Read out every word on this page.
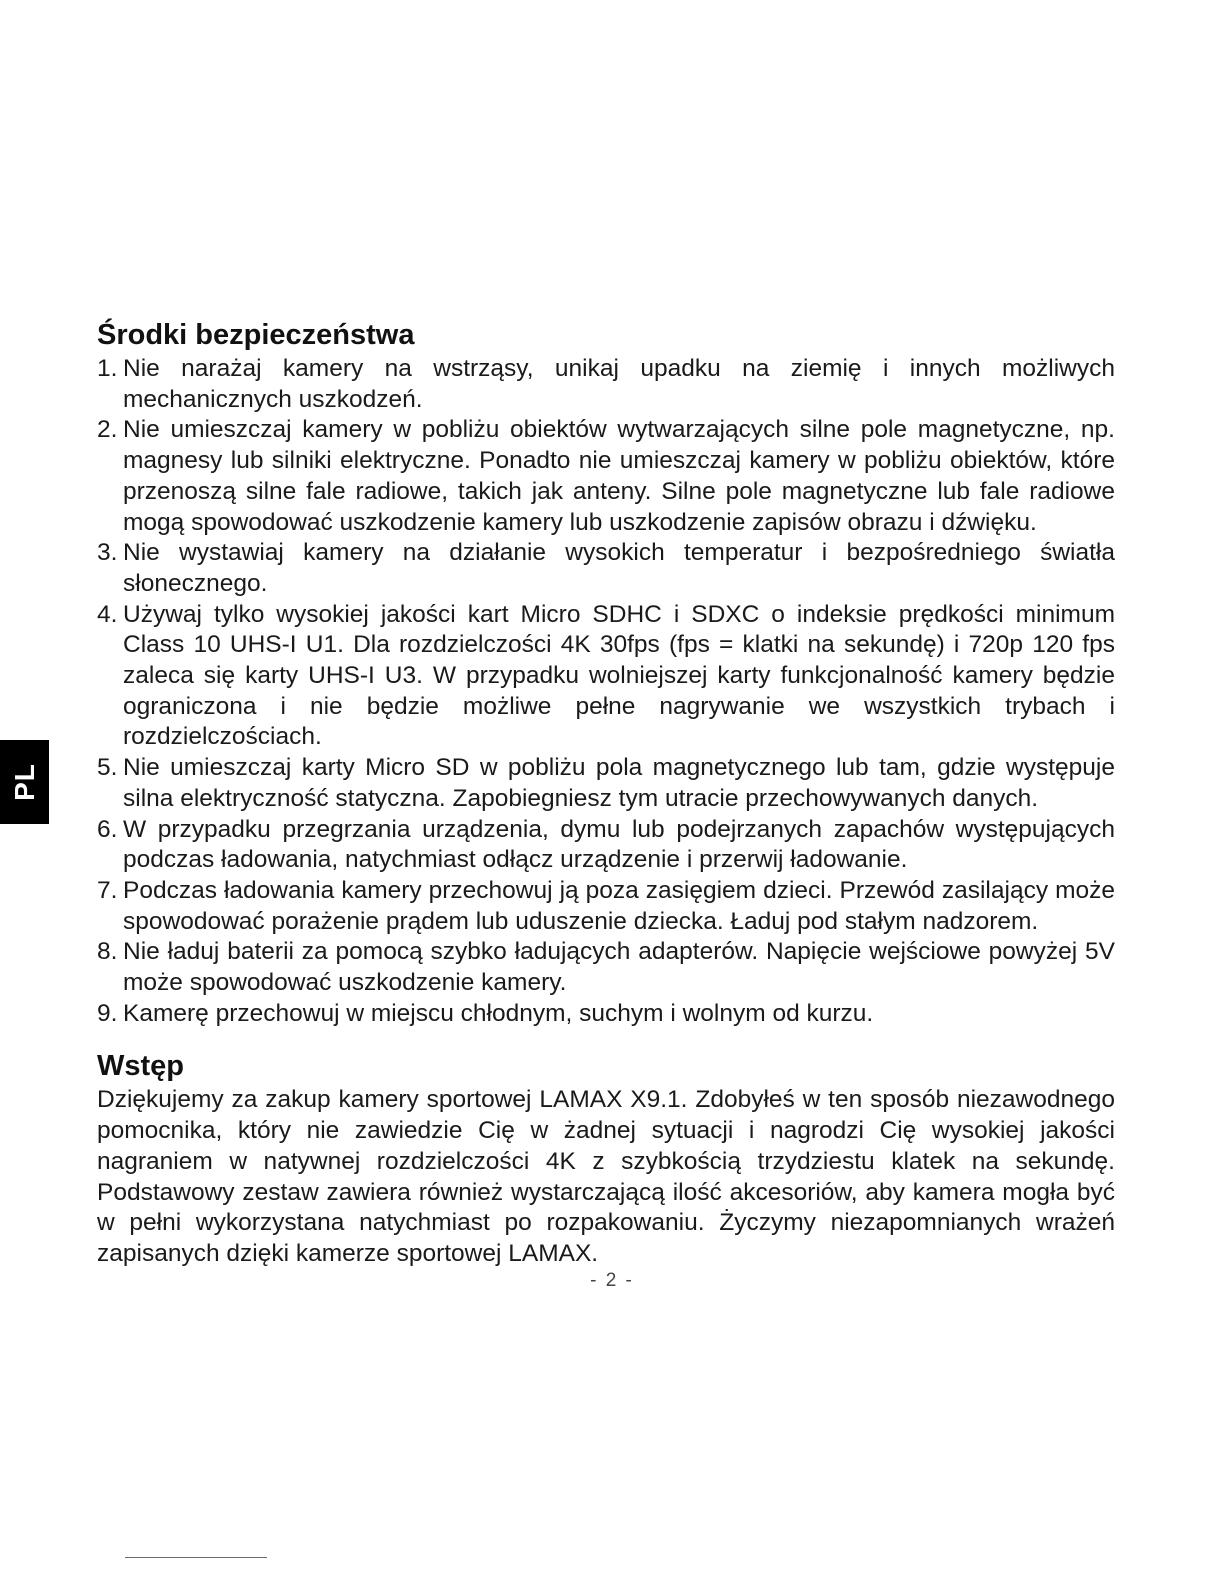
PL
Środki bezpieczeństwa
1. Nie narażaj kamery na wstrząsy, unikaj upadku na ziemię i innych możliwych mechanicznych uszkodzeń.
2. Nie umieszczaj kamery w pobliżu obiektów wytwarzających silne pole magnetyczne, np. magnesy lub silniki elektryczne. Ponadto nie umieszczaj kamery w pobliżu obiektów, które przenoszą silne fale radiowe, takich jak anteny. Silne pole magnetyczne lub fale radiowe mogą spowodować uszkodzenie kamery lub uszkodzenie zapisów obrazu i dźwięku.
3. Nie wystawiaj kamery na działanie wysokich temperatur i bezpośredniego światła słonecznego.
4. Używaj tylko wysokiej jakości kart Micro SDHC i SDXC o indeksie prędkości minimum Class 10 UHS-I U1. Dla rozdzielczości 4K 30fps (fps = klatki na sekundę) i 720p 120 fps zaleca się karty UHS-I U3. W przypadku wolniejszej karty funkcjonalność kamery będzie ograniczona i nie będzie możliwe pełne nagrywanie we wszystkich trybach i rozdzielczościach.
5. Nie umieszczaj karty Micro SD w pobliżu pola magnetycznego lub tam, gdzie występuje silna elektryczność statyczna. Zapobiegniesz tym utracie przechowywanych danych.
6. W przypadku przegrzania urządzenia, dymu lub podejrzanych zapachów występujących podczas ładowania, natychmiast odłącz urządzenie i przerwij ładowanie.
7. Podczas ładowania kamery przechowuj ją poza zasięgiem dzieci. Przewód zasilający może spowodować porażenie prądem lub uduszenie dziecka. Ładuj pod stałym nadzorem.
8. Nie ładuj baterii za pomocą szybko ładujących adapterów. Napięcie wejściowe powyżej 5V może spowodować uszkodzenie kamery.
9. Kamerę przechowuj w miejscu chłodnym, suchym i wolnym od kurzu.
Wstęp

Dziękujemy za zakup kamery sportowej LAMAX X9.1. Zdobyłeś w ten sposób niezawodnego pomocnika, który nie zawiedzie Cię w żadnej sytuacji i nagrodzi Cię wysokiej jakości nagraniem w natywnej rozdzielczości 4K z szybkością trzydziestu klatek na sekundę. Podstawowy zestaw zawiera również wystarczającą ilość akcesoriów, aby kamera mogła być w pełni wykorzystana natychmiast po rozpakowaniu. Życzymy niezapomnianych wrażeń zapisanych dzięki kamerze sportowej LAMAX.

- 2 -
